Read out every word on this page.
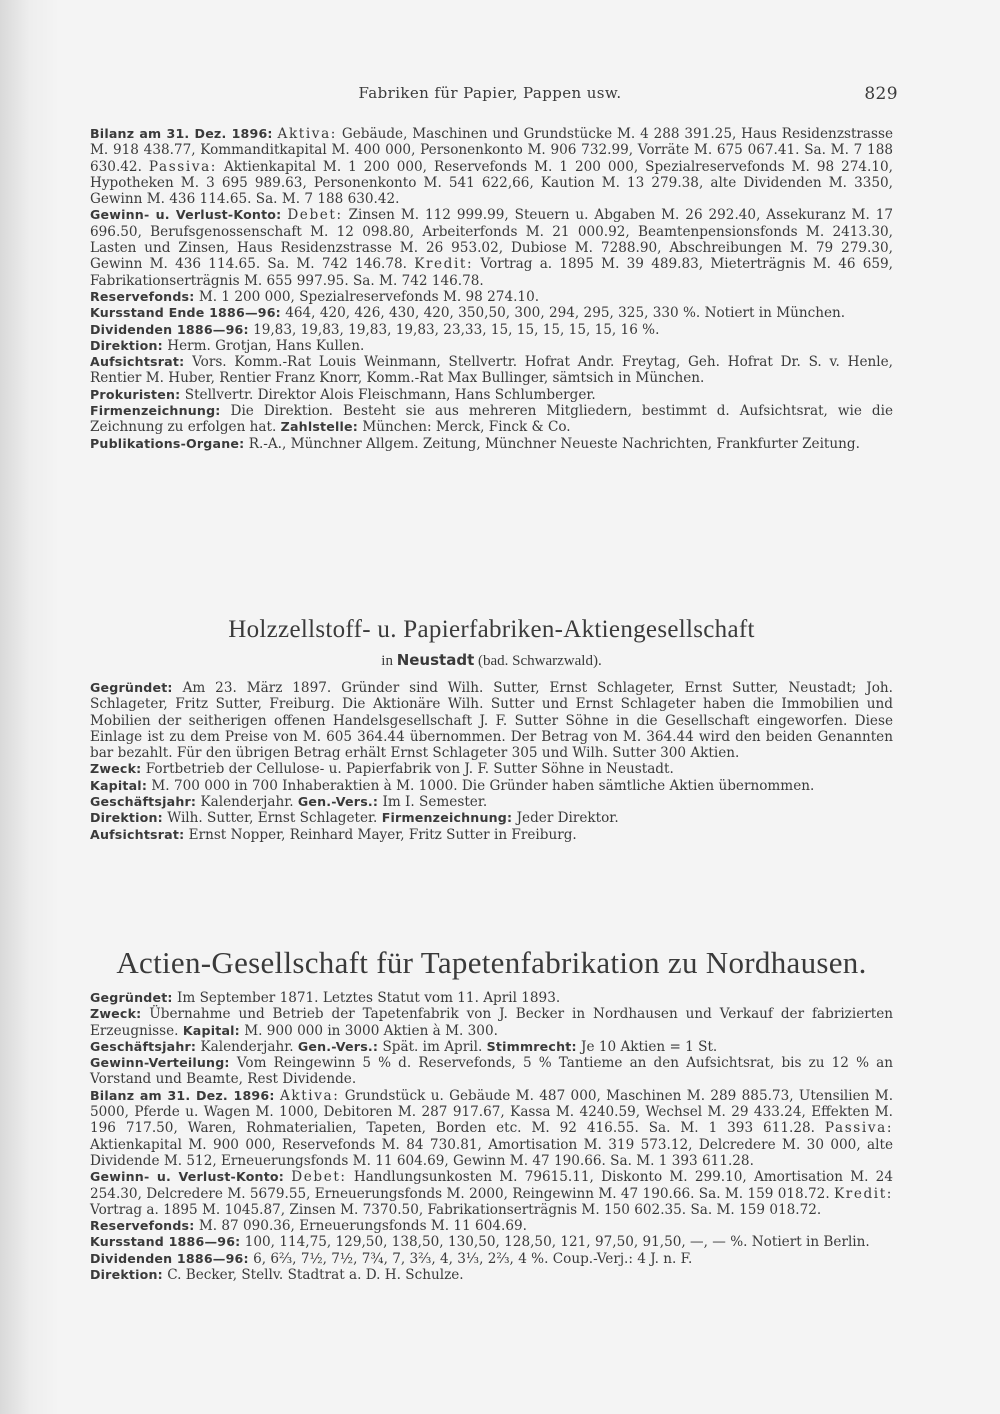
Fabriken für Papier, Pappen usw.	829

Bilanz am 31. Dez. 1896: Aktiva: Gebäude, Maschinen und Grundstücke M. 4 288 391.25, Haus Residenzstrasse M. 918 438.77, Kommanditkapital M. 400 000, Personenkonto M. 906 732.99, Vorräte M. 675 067.41. Sa. M. 7 188 630.42. Passiva: Aktienkapital M. 1 200 000, Reservefonds M. 1 200 000, Spezialreservefonds M. 98 274.10, Hypotheken M. 3 695 989.63, Personenkonto M. 541 622,66, Kaution M. 13 279.38, alte Dividenden M. 3350, Gewinn M. 436 114.65. Sa. M. 7 188 630.42.

Gewinn- u. Verlust-Konto: Debet: Zinsen M. 112 999.99, Steuern u. Abgaben M. 26 292.40, Assekuranz M. 17 696.50, Berufsgenossenschaft M. 12 098.80, Arbeiterfonds M. 21 000.92, Beamtenpensionsfonds M. 2413.30, Lasten und Zinsen, Haus Residenzstrasse M. 26 953.02, Dubiose M. 7288.90, Abschreibungen M. 79 279.30, Gewinn M. 436 114.65. Sa. M. 742 146.78. Kredit: Vortrag a. 1895 M. 39 489.83, Mieterträgnis M. 46 659, Fabrikationserträgnis M. 655 997.95. Sa. M. 742 146.78.

Reservefonds: M. 1 200 000, Spezialreservefonds M. 98 274.10.

Kursstand Ende 1886—96: 464, 420, 426, 430, 420, 350,50, 300, 294, 295, 325, 330 %. Notiert in München.

Dividenden 1886—96: 19,83, 19,83, 19,83, 19,83, 23,33, 15, 15, 15, 15, 15, 16 %.

Direktion: Herm. Grotjan, Hans Kullen.

Aufsichtsrat: Vors. Komm.-Rat Louis Weinmann, Stellvertr. Hofrat Andr. Freytag, Geh. Hofrat Dr. S. v. Henle, Rentier M. Huber, Rentier Franz Knorr, Komm.-Rat Max Bullinger, sämtsich in München.

Prokuristen: Stellvertr. Direktor Alois Fleischmann, Hans Schlumberger.

Firmenzeichnung: Die Direktion. Besteht sie aus mehreren Mitgliedern, bestimmt d. Aufsichtsrat, wie die Zeichnung zu erfolgen hat. Zahlstelle: München: Merck, Finck & Co.

Publikations-Organe: R.-A., Münchner Allgem. Zeitung, Münchner Neueste Nachrichten, Frankfurter Zeitung.

Holzzellstoff- u. Papierfabriken-Aktiengesellschaft
in Neustadt (bad. Schwarzwald).

Gegründet: Am 23. März 1897. Gründer sind Wilh. Sutter, Ernst Schlageter, Ernst Sutter, Neustadt; Joh. Schlageter, Fritz Sutter, Freiburg. Die Aktionäre Wilh. Sutter und Ernst Schlageter haben die Immobilien und Mobilien der seitherigen offenen Handelsgesellschaft J. F. Sutter Söhne in die Gesellschaft eingeworfen. Diese Einlage ist zu dem Preise von M. 605 364.44 übernommen. Der Betrag von M. 364.44 wird den beiden Genannten bar bezahlt. Für den übrigen Betrag erhält Ernst Schlageter 305 und Wilh. Sutter 300 Aktien.

Zweck: Fortbetrieb der Cellulose- u. Papierfabrik von J. F. Sutter Söhne in Neustadt.

Kapital: M. 700 000 in 700 Inhaberaktien à M. 1000. Die Gründer haben sämtliche Aktien übernommen.

Geschäftsjahr: Kalenderjahr. Gen.-Vers.: Im I. Semester.

Direktion: Wilh. Sutter, Ernst Schlageter. Firmenzeichnung: Jeder Direktor.

Aufsichtsrat: Ernst Nopper, Reinhard Mayer, Fritz Sutter in Freiburg.

Actien-Gesellschaft für Tapetenfabrikation zu Nordhausen.

Gegründet: Im September 1871. Letztes Statut vom 11. April 1893.

Zweck: Übernahme und Betrieb der Tapetenfabrik von J. Becker in Nordhausen und Verkauf der fabrizierten Erzeugnisse. Kapital: M. 900 000 in 3000 Aktien à M. 300.

Geschäftsjahr: Kalenderjahr. Gen.-Vers.: Spät. im April. Stimmrecht: Je 10 Aktien = 1 St.

Gewinn-Verteilung: Vom Reingewinn 5 % d. Reservefonds, 5 % Tantieme an den Aufsichtsrat, bis zu 12 % an Vorstand und Beamte, Rest Dividende.

Bilanz am 31. Dez. 1896: Aktiva: Grundstück u. Gebäude M. 487 000, Maschinen M. 289 885.73, Utensilien M. 5000, Pferde u. Wagen M. 1000, Debitoren M. 287 917.67, Kassa M. 4240.59, Wechsel M. 29 433.24, Effekten M. 196 717.50, Waren, Rohmaterialien, Tapeten, Borden etc. M. 92 416.55. Sa. M. 1 393 611.28. Passiva: Aktienkapital M. 900 000, Reservefonds M. 84 730.81, Amortisation M. 319 573.12, Delcredere M. 30 000, alte Dividende M. 512, Erneuerungsfonds M. 11 604.69, Gewinn M. 47 190.66. Sa. M. 1 393 611.28.

Gewinn- u. Verlust-Konto: Debet: Handlungsunkosten M. 79615.11, Diskonto M. 299.10, Amortisation M. 24 254.30, Delcredere M. 5679.55, Erneuerungsfonds M. 2000, Reingewinn M. 47 190.66. Sa. M. 159 018.72. Kredit: Vortrag a. 1895 M. 1045.87, Zinsen M. 7370.50, Fabrikationserträgnis M. 150 602.35. Sa. M. 159 018.72.

Reservefonds: M. 87 090.36, Erneuerungsfonds M. 11 604.69.

Kursstand 1886—96: 100, 114,75, 129,50, 138,50, 130,50, 128,50, 121, 97,50, 91,50, —, — %. Notiert in Berlin.

Dividenden 1886—96: 6, 6⅔, 7½, 7½, 7¾, 7, 3⅔, 4, 3⅓, 2⅔, 4 %. Coup.-Verj.: 4 J. n. F.

Direktion: C. Becker, Stellv. Stadtrat a. D. H. Schulze.
